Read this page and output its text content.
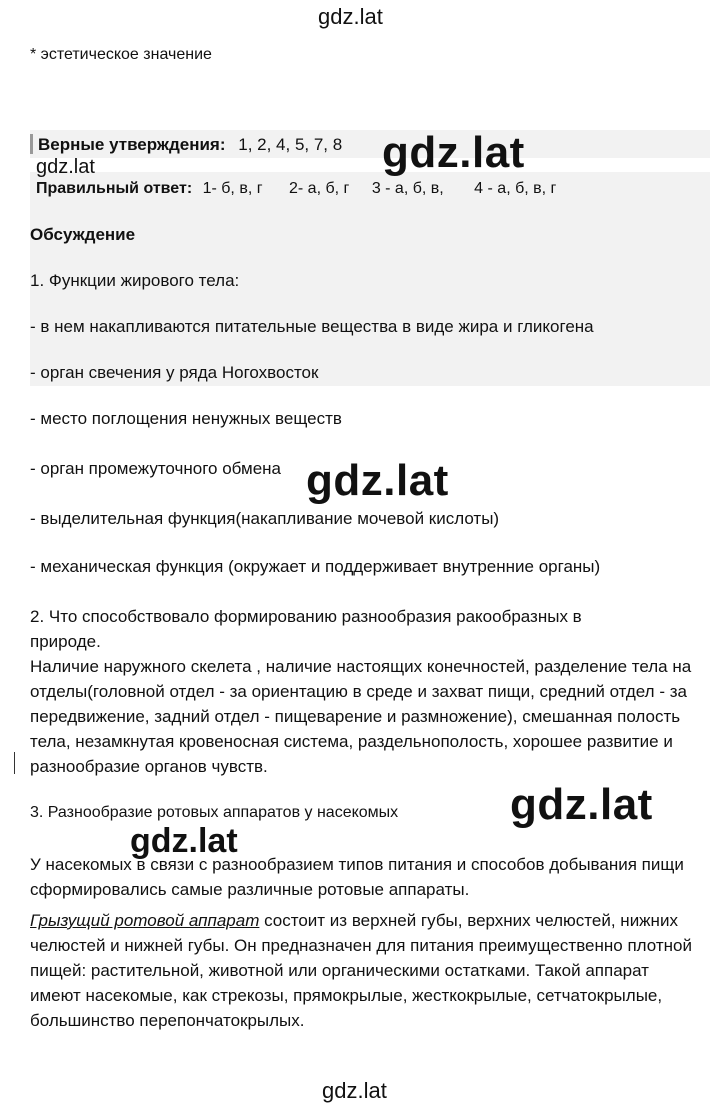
gdz.lat
* эстетическое значение
Верные утверждения: 1, 2, 4, 5, 7, 8 gdz.lat
gdz.lat
Правильный ответ: 1- б, в, г 2- а, б, г 3 - а, б, в, 4 - а, б, в, г
Обсуждение
1. Функции жирового тела:
- в нем накапливаются питательные вещества в виде жира и гликогена
- орган свечения у ряда Ногохвосток
- место поглощения ненужных веществ
- орган промежуточного обмена gdz.lat
- выделительная функция(накапливание мочевой кислоты)
- механическая функция (окружает и поддерживает внутренние органы)
2. Что способствовало формированию разнообразия ракообразных в
природе.
Наличие наружного скелета , наличие настоящих конечностей, разделение тела на отделы(головной отдел - за ориентацию в среде и захват пищи, средний отдел - за передвижение, задний отдел - пищеварение и размножение), смешанная полость тела, незамкнутая кровеносная система, раздельнополость, хорошее развитие и разнообразие органов чувств.
3. Разнообразие ротовых аппаратов у насекомых	gdz.lat
gdz.lat
У насекомых в связи с разнообразием типов питания и способов добывания пищи сформировались самые различные ротовые аппараты.
Грызущий ротовой аппарат состоит из верхней губы, верхних челюстей, нижних челюстей и нижней губы. Он предназначен для питания преимущественно плотной пищей: растительной, животной или органическими остатками. Такой аппарат имеют насекомые, как стрекозы, прямокрылые, жесткокрылые, сетчатокрылые, большинство перепончатокрылых.
gdz.lat
